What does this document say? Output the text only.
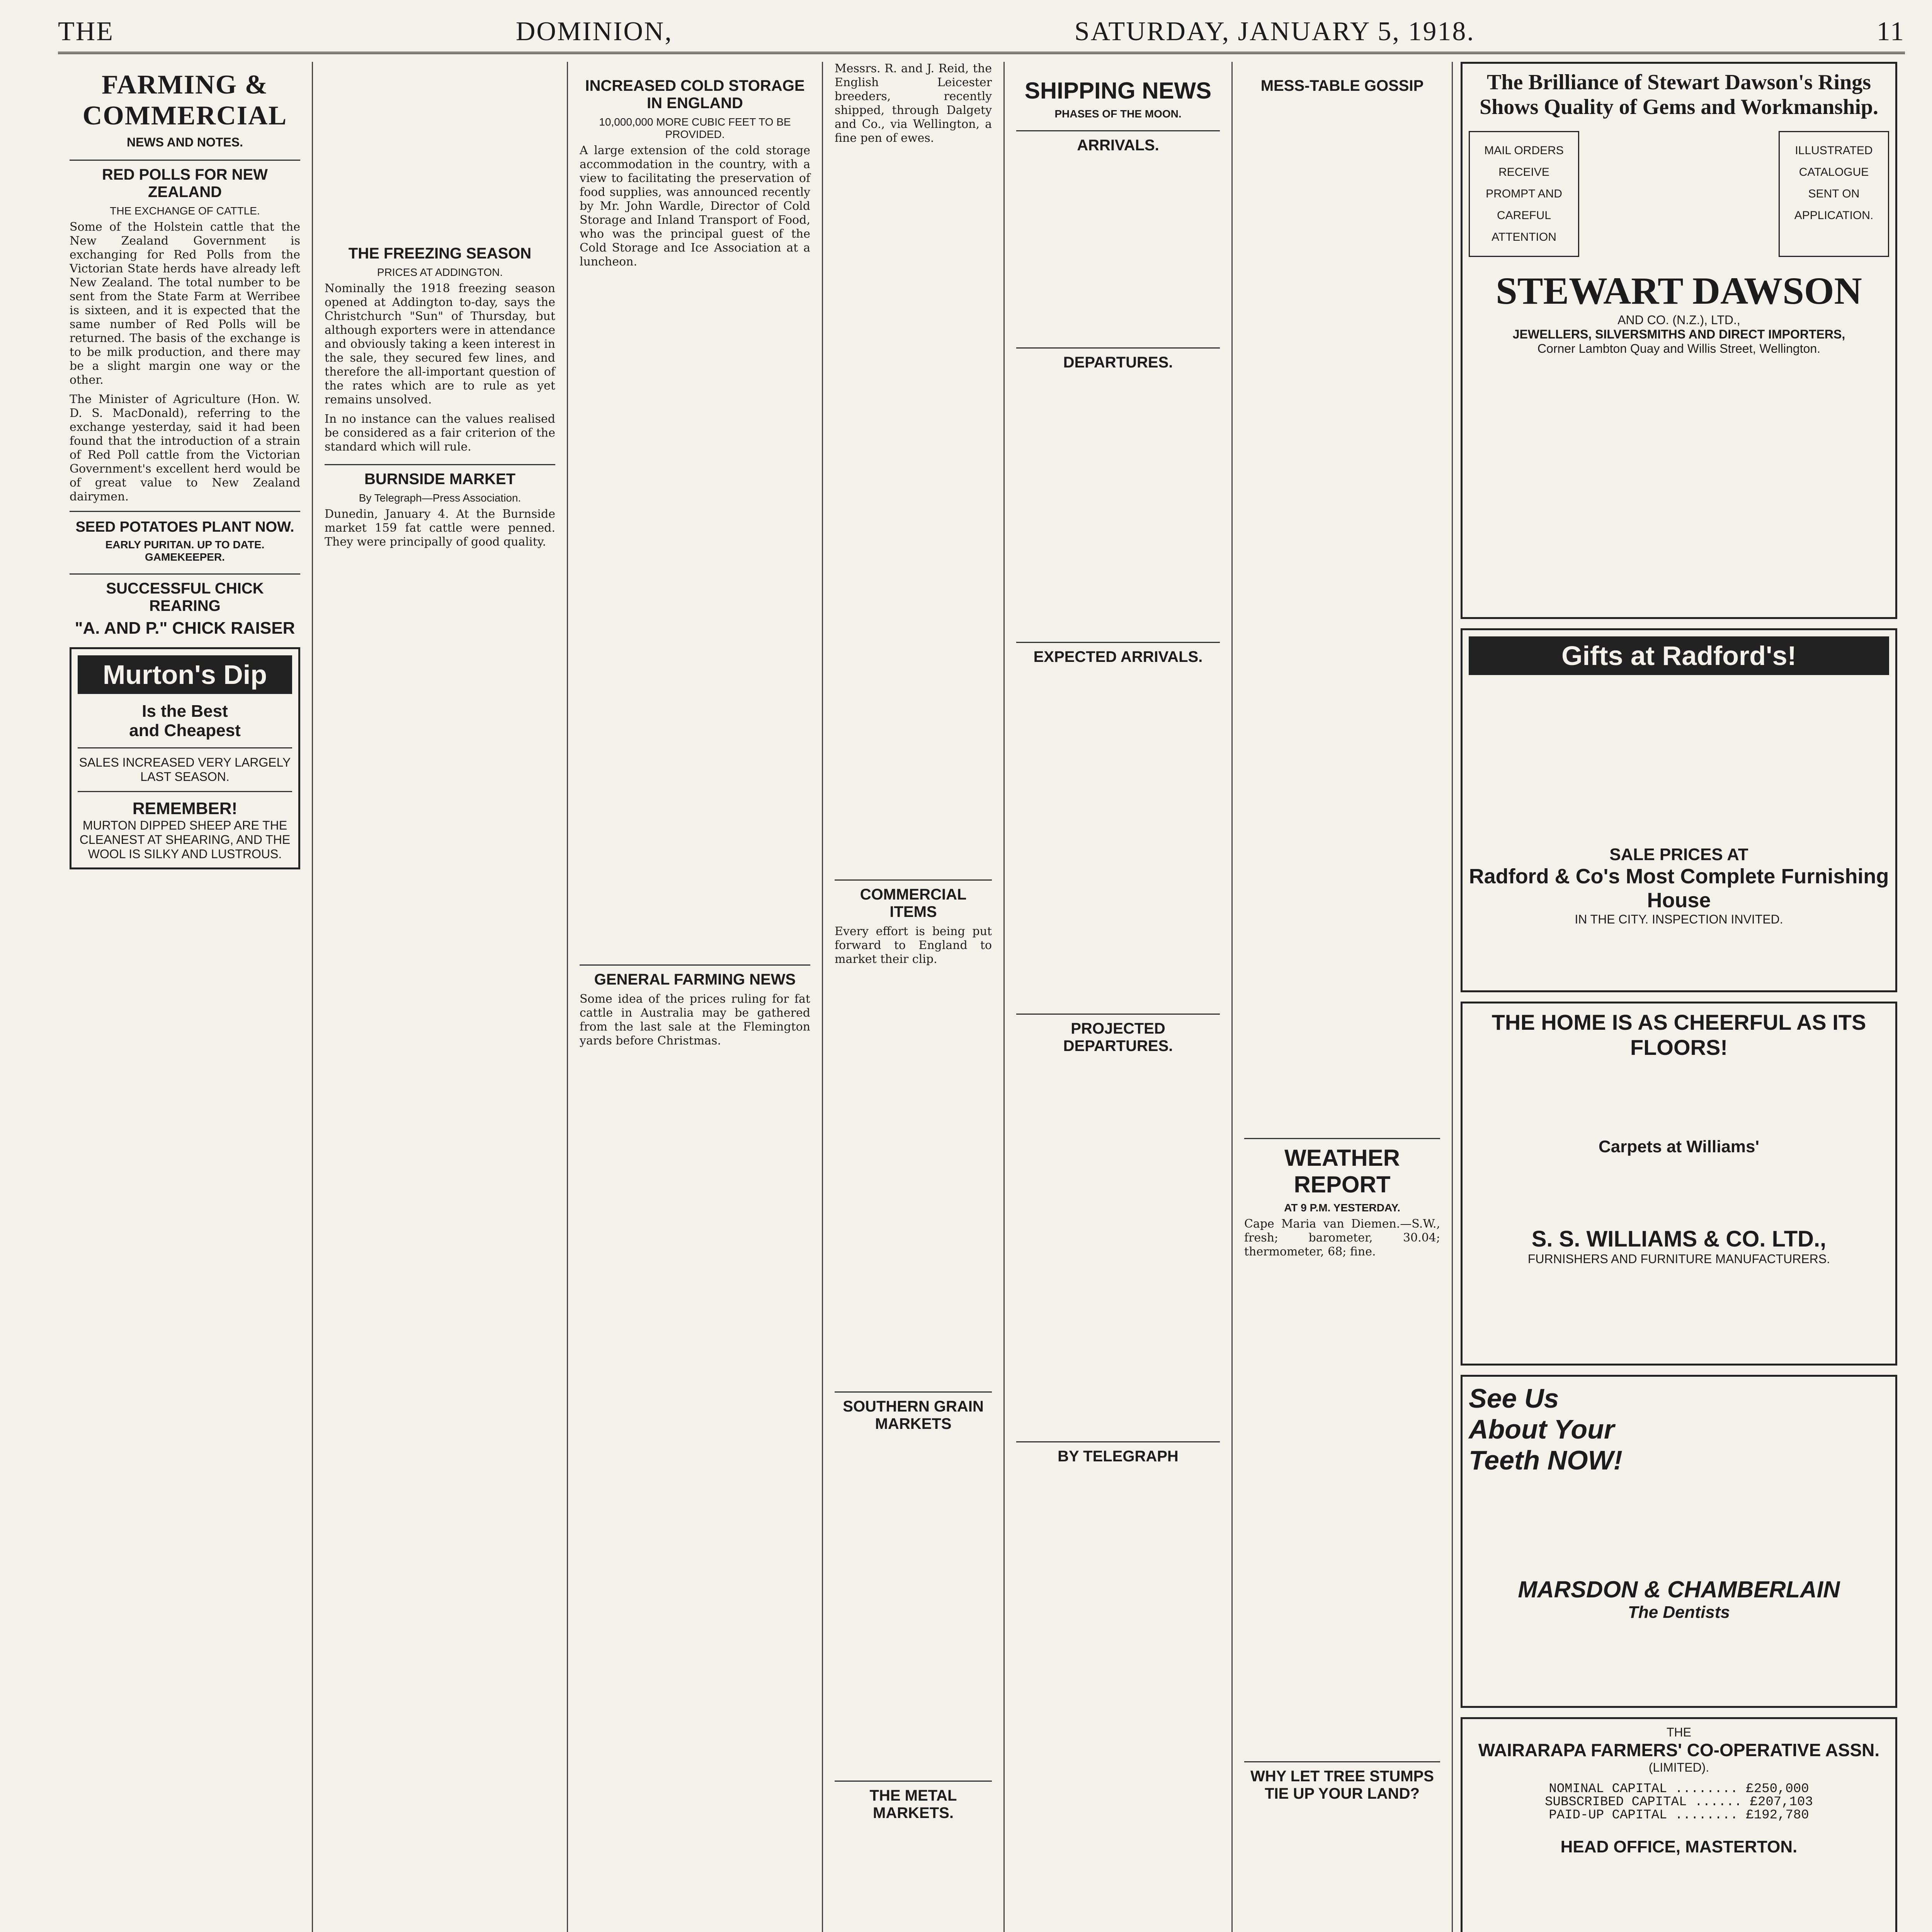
THE	DOMINION,	SATURDAY, JANUARY 5, 1918.	11
FARMING & COMMERCIAL
NEWS AND NOTES.
RED POLLS FOR NEW ZEALAND
THE EXCHANGE OF CATTLE.

Some of the Holstein cattle that the New Zealand Government is exchanging for Red Polls from the Victorian State herds have already left New Zealand. The total number to be sent from the State Farm at Werribee is sixteen, and it is expected that the same number of Red Polls will be returned. The basis of the exchange is to be milk production, and there may be a slight margin one way or the other.

The Minister of Agriculture (Hon. W. D. S. MacDonald), referring to the exchange yesterday, said it had been found that the introduction of a strain of Red Poll cattle from the Victorian Government's excellent herd would be of great value to New Zealand dairymen.

SEED POTATOES PLANT NOW.
EARLY PURITAN. UP TO DATE. GAMEKEEPER.
SUCCESSFUL CHICK REARING
"A. AND P." CHICK RAISER
Murton's Dip
Is the Best
and Cheapest
SALES INCREASED VERY LARGELY LAST SEASON.
REMEMBER!
MURTON DIPPED SHEEP ARE THE CLEANEST AT SHEARING, AND THE WOOL IS SILKY AND LUSTROUS.
THE FREEZING SEASON
PRICES AT ADDINGTON.

Nominally the 1918 freezing season opened at Addington to-day, says the Christchurch "Sun" of Thursday, but although exporters were in attendance and obviously taking a keen interest in the sale, they secured few lines, and therefore the all-important question of the rates which are to rule as yet remains unsolved.

In no instance can the values realised be considered as a fair criterion of the standard which will rule.

BURNSIDE MARKET
By Telegraph—Press Association.

Dunedin, January 4. At the Burnside market 159 fat cattle were penned. They were principally of good quality.

INCREASED COLD STORAGE IN ENGLAND
10,000,000 MORE CUBIC FEET TO BE PROVIDED.

A large extension of the cold storage accommodation in the country, with a view to facilitating the preservation of food supplies, was announced recently by Mr. John Wardle, Director of Cold Storage and Inland Transport of Food, who was the principal guest of the Cold Storage and Ice Association at a luncheon.

GENERAL FARMING NEWS

Some idea of the prices ruling for fat cattle in Australia may be gathered from the last sale at the Flemington yards before Christmas.

Messrs. R. and J. Reid, the English Leicester breeders, recently shipped, through Dalgety and Co., via Wellington, a fine pen of ewes.

COMMERCIAL ITEMS

Every effort is being put forward to England to market their clip.

SOUTHERN GRAIN MARKETS
THE METAL MARKETS.
SHIPPING NEWS
PHASES OF THE MOON.
ARRIVALS.
DEPARTURES.
EXPECTED ARRIVALS.
PROJECTED DEPARTURES.
BY TELEGRAPH

MESS-TABLE GOSSIP
WEATHER REPORT
AT 9 P.M. YESTERDAY.

Cape Maria van Diemen.—S.W., fresh; barometer, 30.04; thermometer, 68; fine.

WHY LET TREE STUMPS TIE UP YOUR LAND?

The Brilliance of Stewart Dawson's Rings
Shows Quality of Gems and Workmanship.
MAIL ORDERS RECEIVE PROMPT AND CAREFUL ATTENTION
ILLUSTRATED CATALOGUE SENT ON APPLICATION.
STEWART DAWSON
AND CO. (N.Z.), LTD.,
JEWELLERS, SILVERSMITHS AND DIRECT IMPORTERS,
Corner Lambton Quay and Willis Street, Wellington.
Gifts at Radford's!
SALE PRICES AT
Radford & Co's Most Complete Furnishing House
IN THE CITY. INSPECTION INVITED.
THE HOME IS AS CHEERFUL AS ITS FLOORS!
Carpets at Williams'
S. S. WILLIAMS & CO. LTD.,
FURNISHERS AND FURNITURE MANUFACTURERS.
See Us About Your Teeth NOW!
MARSDON & CHAMBERLAIN
The Dentists
THE
WAIRARAPA FARMERS' CO-OPERATIVE ASSN.
(LIMITED).
NOMINAL CAPITAL ........ £250,000
SUBSCRIBED CAPITAL ...... £207,103
PAID-UP CAPITAL ........ £192,780
HEAD OFFICE, MASTERTON.
